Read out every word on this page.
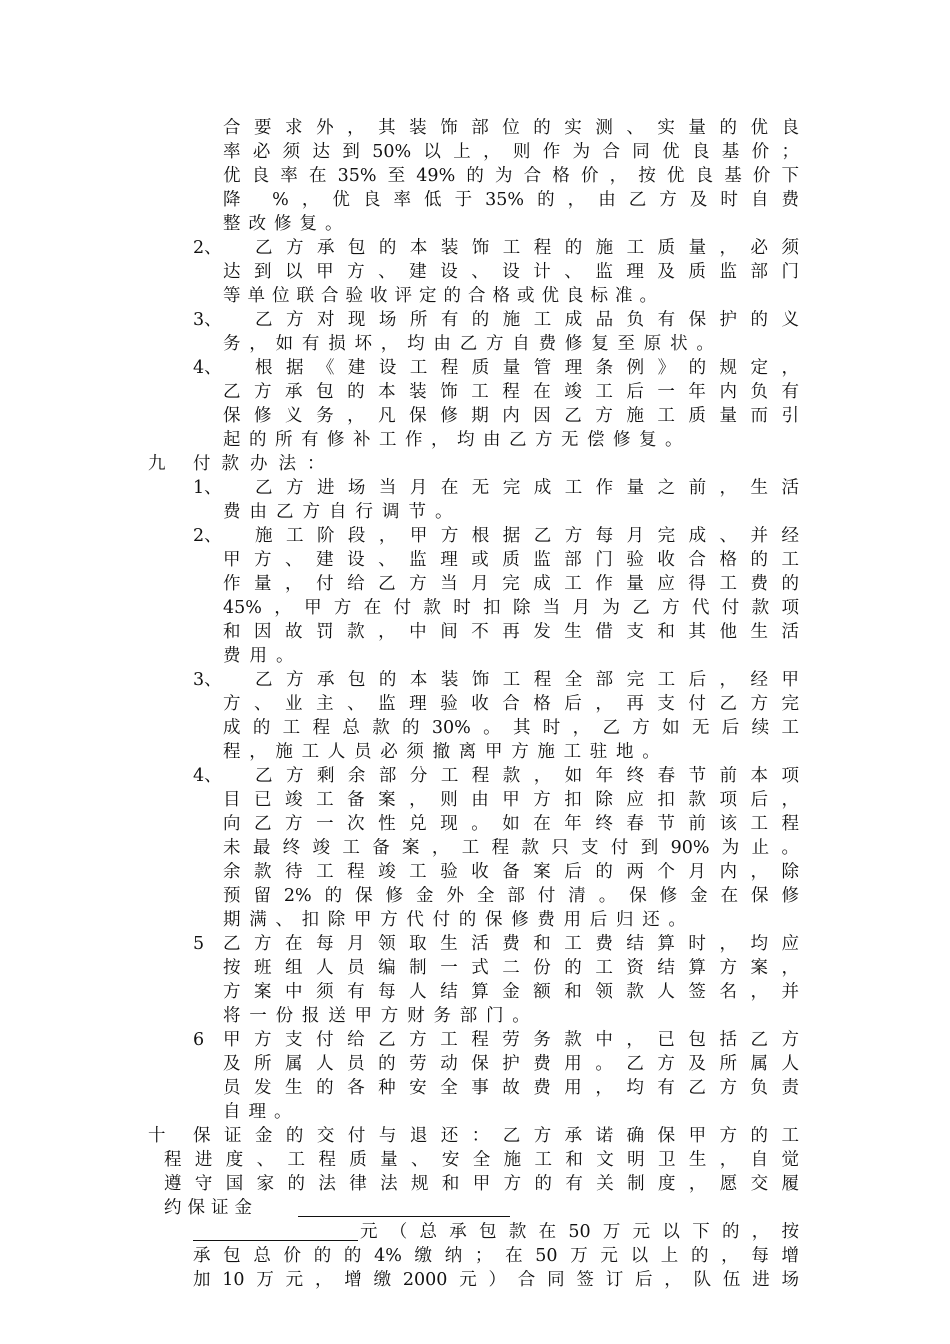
合要求外，其装饰部位的实测、实量的优良
率必须达到50%以上，则作为合同优良基价；
优良率在35%至49%的为合格价，按优良基价下
降 %，优良率低于35%的，由乙方及时自费
整改修复。
2、 乙方承包的本装饰工程的施工质量，必须
达到以甲方、建设、设计、监理及质监部门
等单位联合验收评定的合格或优良标准。
3、 乙方对现场所有的施工成品负有保护的义
务，如有损坏，均由乙方自费修复至原状。
4、 根据《建设工程质量管理条例》的规定，
乙方承包的本装饰工程在竣工后一年内负有
保修义务，凡保修期内因乙方施工质量而引
起的所有修补工作，均由乙方无偿修复。
九 付款办法：
1、 乙方进场当月在无完成工作量之前，生活
费由乙方自行调节。
2、 施工阶段，甲方根据乙方每月完成、并经
甲方、建设、监理或质监部门验收合格的工
作量，付给乙方当月完成工作量应得工费的
45%，甲方在付款时扣除当月为乙方代付款项
和因故罚款，中间不再发生借支和其他生活
费用。
3、 乙方承包的本装饰工程全部完工后，经甲
方、业主、监理验收合格后，再支付乙方完
成的工程总款的30%。其时，乙方如无后续工
程，施工人员必须撤离甲方施工驻地。
4、 乙方剩余部分工程款，如年终春节前本项
目已竣工备案，则由甲方扣除应扣款项后，
向乙方一次性兑现。如在年终春节前该工程
未最终竣工备案，工程款只支付到90%为止。
余款待工程竣工验收备案后的两个月内，除
预留2%的保修金外全部付清。保修金在保修
期满、扣除甲方代付的保修费用后归还。
5 乙方在每月领取生活费和工费结算时，均应
按班组人员编制一式二份的工资结算方案，
方案中须有每人结算金额和领款人签名，并
将一份报送甲方财务部门。
6 甲方支付给乙方工程劳务款中，已包括乙方
及所属人员的劳动保护费用。乙方及所属人
员发生的各种安全事故费用，均有乙方负责
自理。
十 保证金的交付与退还：乙方承诺确保甲方的工
程进度、工程质量、安全施工和文明卫生，自觉
遵守国家的法律法规和甲方的有关制度，愿交履
约保证金
元（总承包款在50万元以下的，按
承包总价的的4%缴纳；在50万元以上的，每增
加10万元，增缴2000元）合同签订后，队伍进场
